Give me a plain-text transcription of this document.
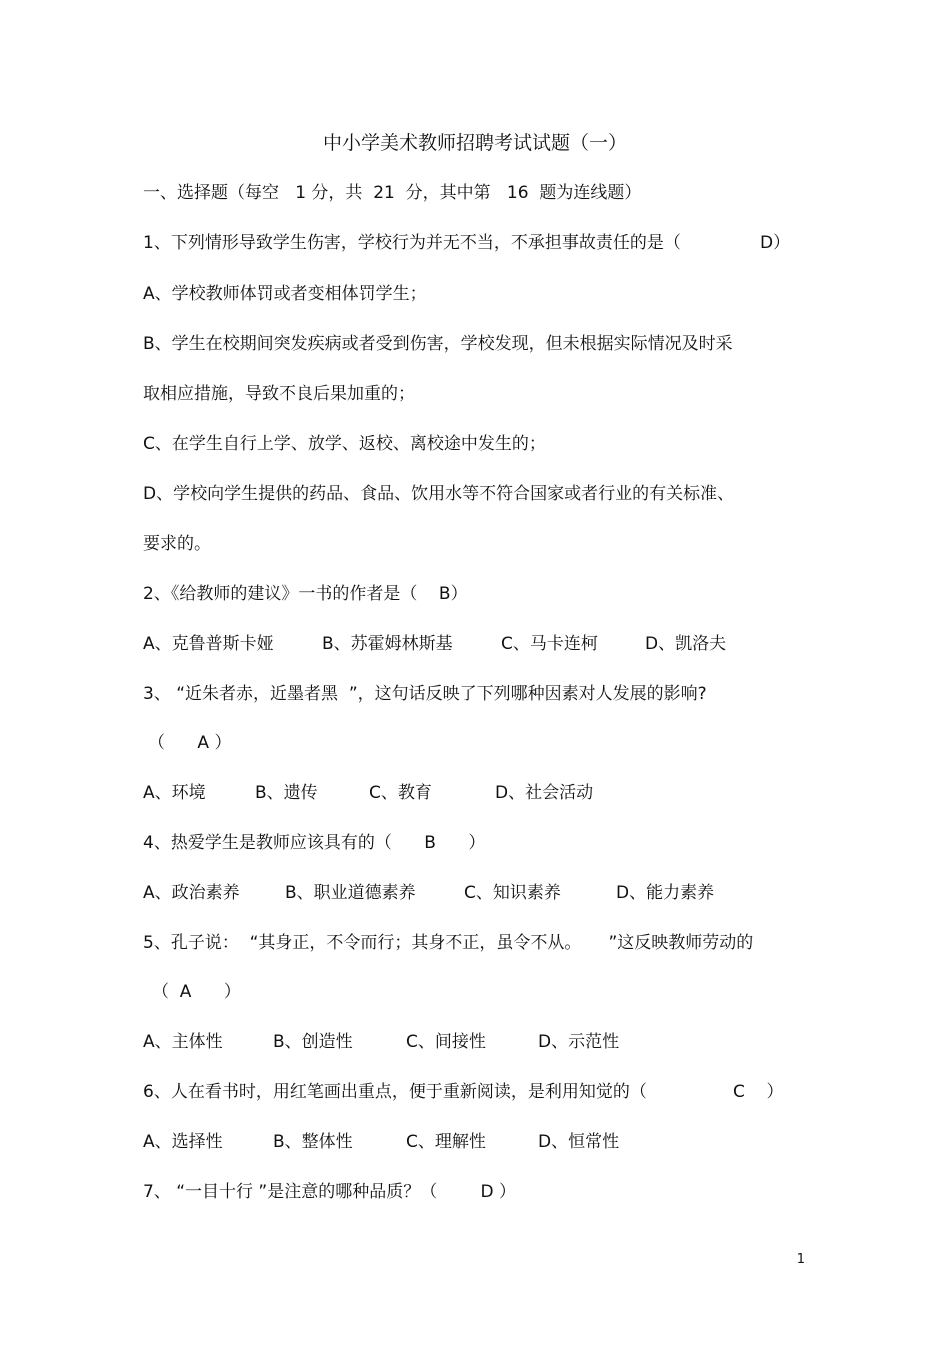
中小学美术教师招聘考试试题（一）
一、选择题（每空   1 分，共  21  分，其中第   16  题为连线题）
1、下列情形导致学生伤害，学校行为并无不当，不承担事故责任的是（	D）
A、学校教师体罚或者变相体罚学生；
B、学生在校期间突发疾病或者受到伤害，学校发现，但未根据实际情况及时采
取相应措施，导致不良后果加重的；
C、在学生自行上学、放学、返校、离校途中发生的；
D、学校向学生提供的药品、食品、饮用水等不符合国家或者行业的有关标准、
要求的。
2、《给教师的建议》一书的作者是（    B）

A、克鲁普斯卡娅

	B、苏霍姆林斯基

	C、马卡连柯

	D、凯洛夫

3、 “近朱者赤，近墨者黑  ”，这句话反映了下列哪种因素对人发展的影响?
（      A ）

A、环境

	B、遗传

	C、教育

	D、社会活动

4、热爱学生是教师应该具有的（      B      ）

A、政治素养

	B、职业道德素养

	C、知识素养

	D、能力素养

5、孔子说：  “其身正，不令而行；其身不正，虽令不从。     ”这反映教师劳动的
（  A      ）

A、主体性

	B、创造性

	C、间接性

	D、示范性

6、人在看书时，用红笔画出重点，便于重新阅读，是利用知觉的（	C    ）

A、选择性

	B、整体性

	C、理解性

	D、恒常性

7、 “一目十行 ”是注意的哪种品质？（        D ）
1
